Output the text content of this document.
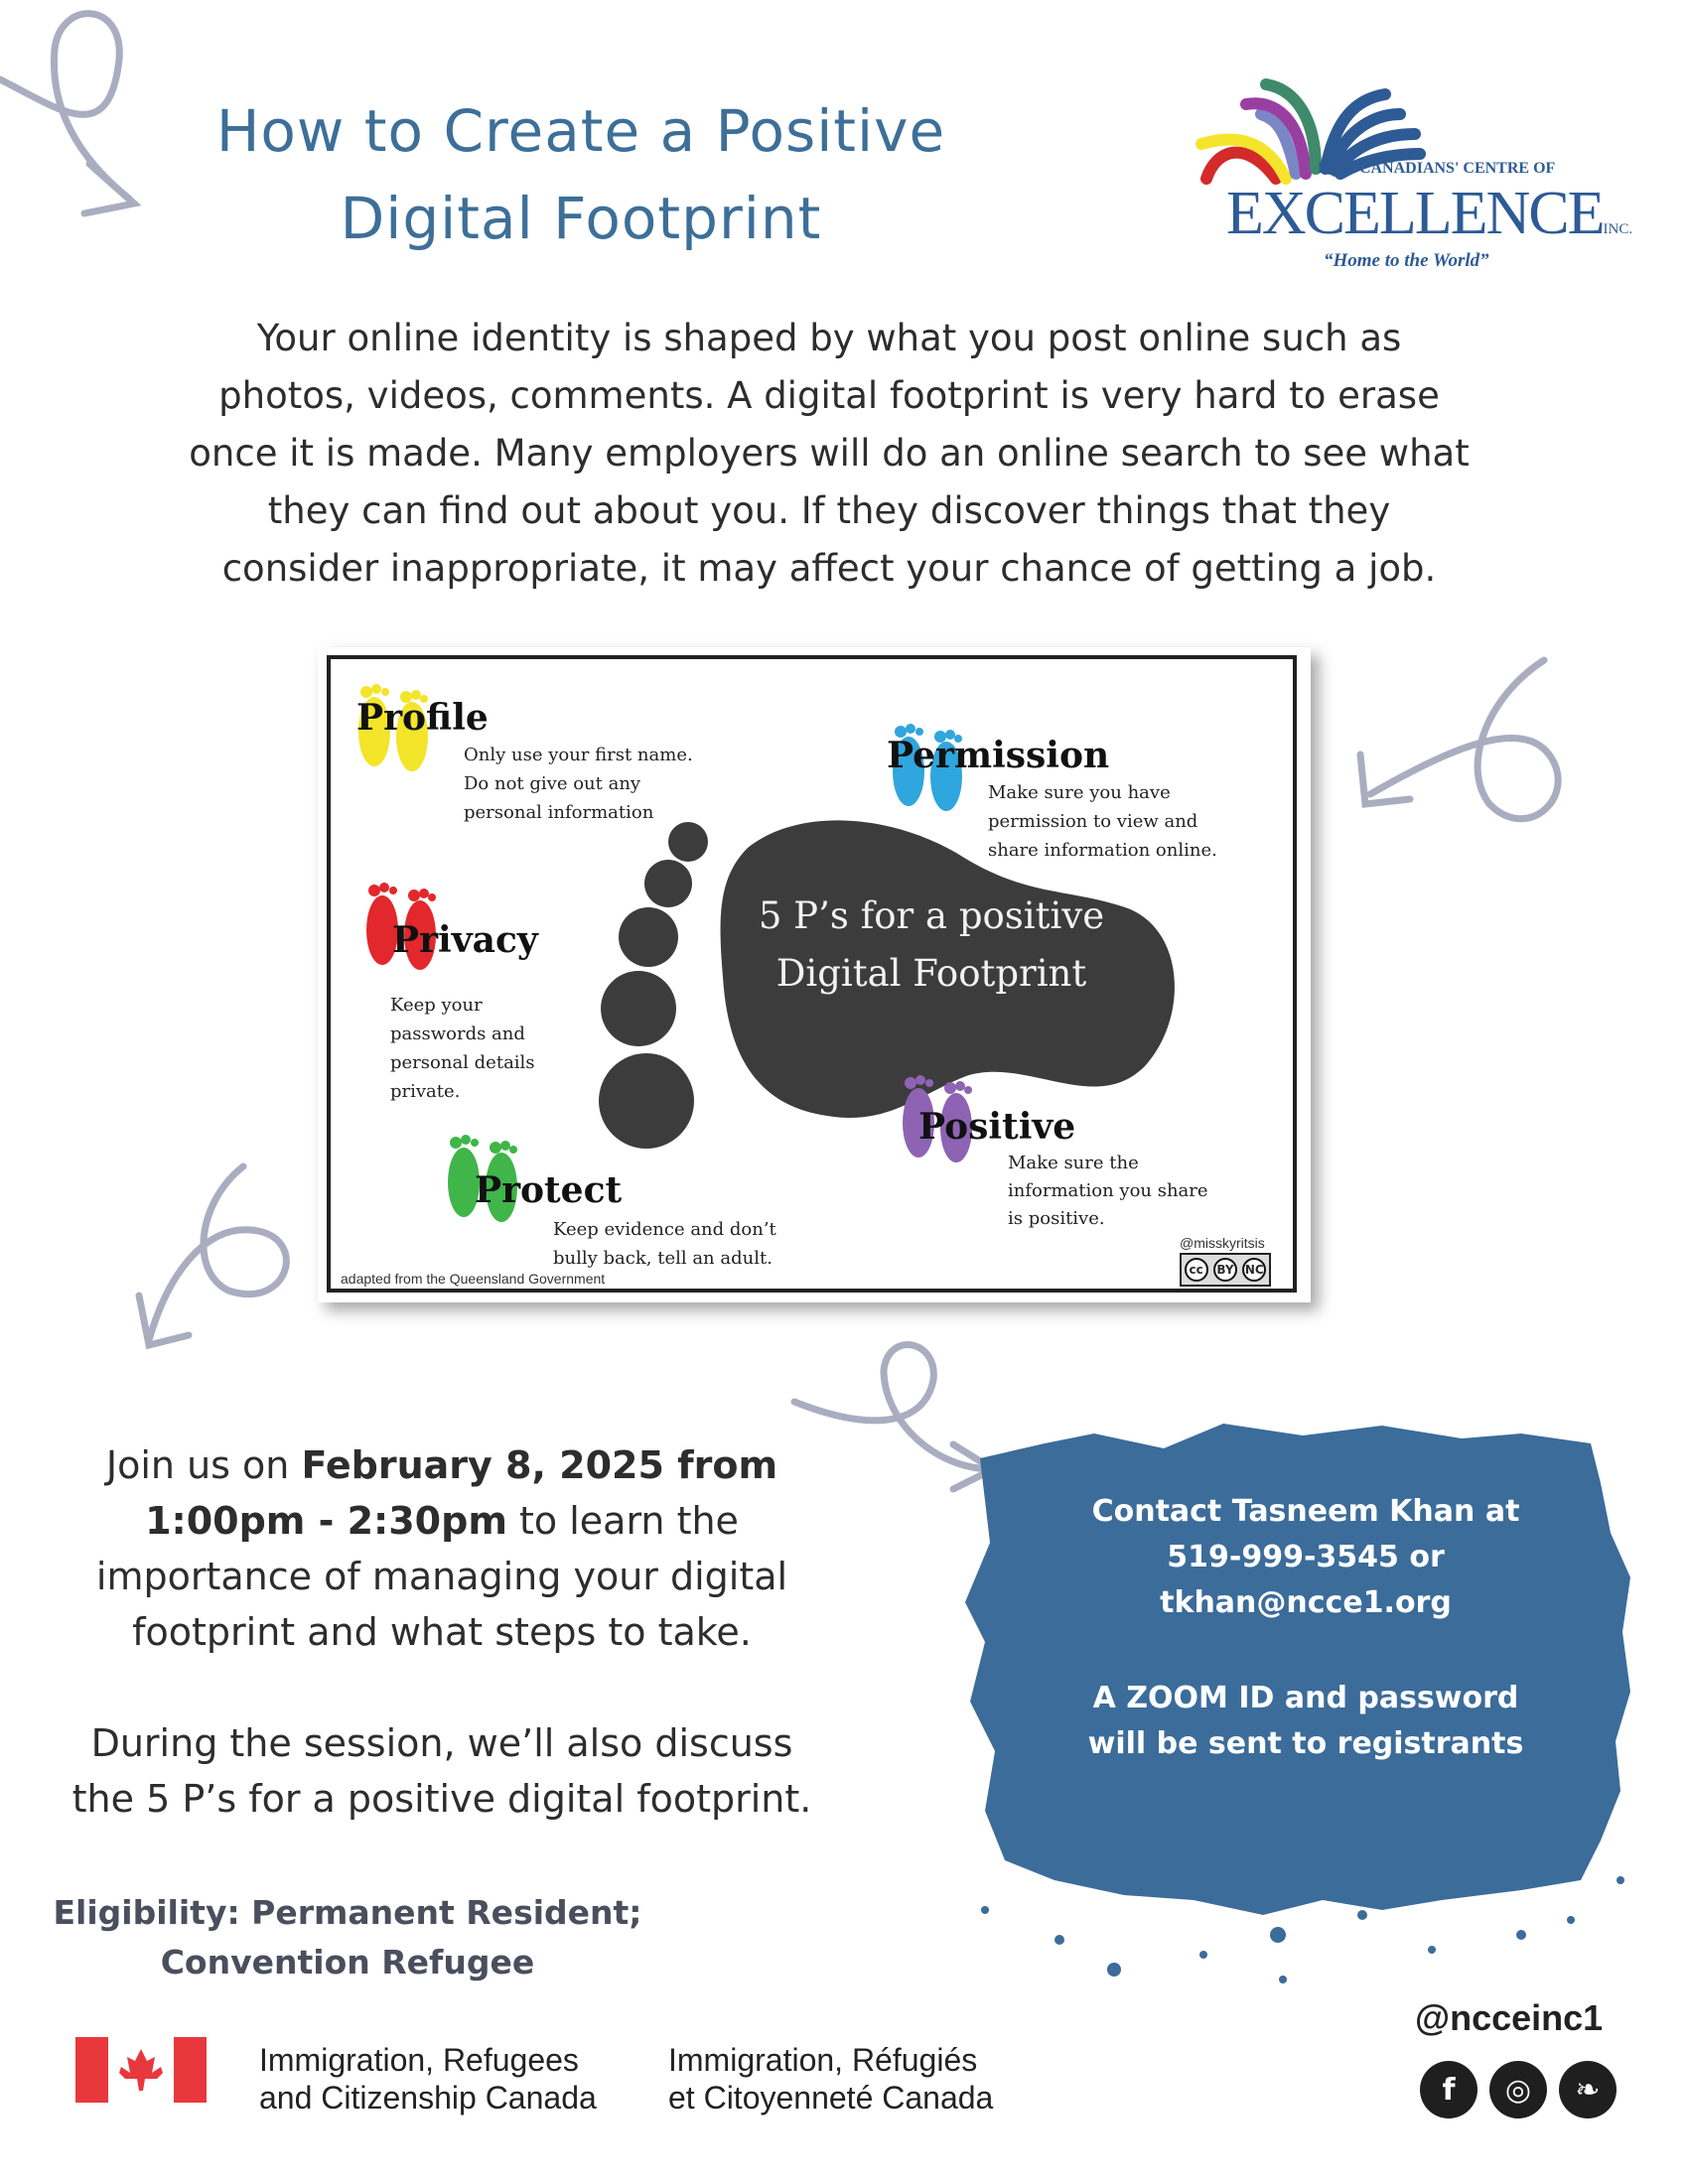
How to Create a Positive
Digital Footprint
NEW CANADIANS' CENTRE OF
EXCELLENCEINC.
“Home to the World”
Your online identity is shaped by what you post online such as
photos, videos, comments. A digital footprint is very hard to erase
once it is made. Many employers will do an online search to see what
they can find out about you. If they discover things that they
consider inappropriate, it may affect your chance of getting a job.
5 P’s for a positive
Digital Footprint
Profile
Only use your first name.
Do not give out any
personal information
Permission
Make sure you have
permission to view and
share information online.
Privacy
Keep your
passwords and
personal details
private.
Protect
Keep evidence and don’t
bully back, tell an adult.
Positive
Make sure the
information you share
is positive.
@misskyritsis
cc	BY NC
adapted from the Queensland Government
Join us on February 8, 2025 from
1:00pm - 2:30pm to learn the
importance of managing your digital
footprint and what steps to take.
During the session, we’ll also discuss
the 5 P’s for a positive digital footprint.
Eligibility: Permanent Resident;
Convention Refugee
Contact Tasneem Khan at
519-999-3545 or
tkhan@ncce1.org
A ZOOM ID and password
will be sent to registrants
Immigration, Refugees
and Citizenship Canada
Immigration, Réfugiés
et Citoyenneté Canada
@ncceinc1
f ◎ ❧
